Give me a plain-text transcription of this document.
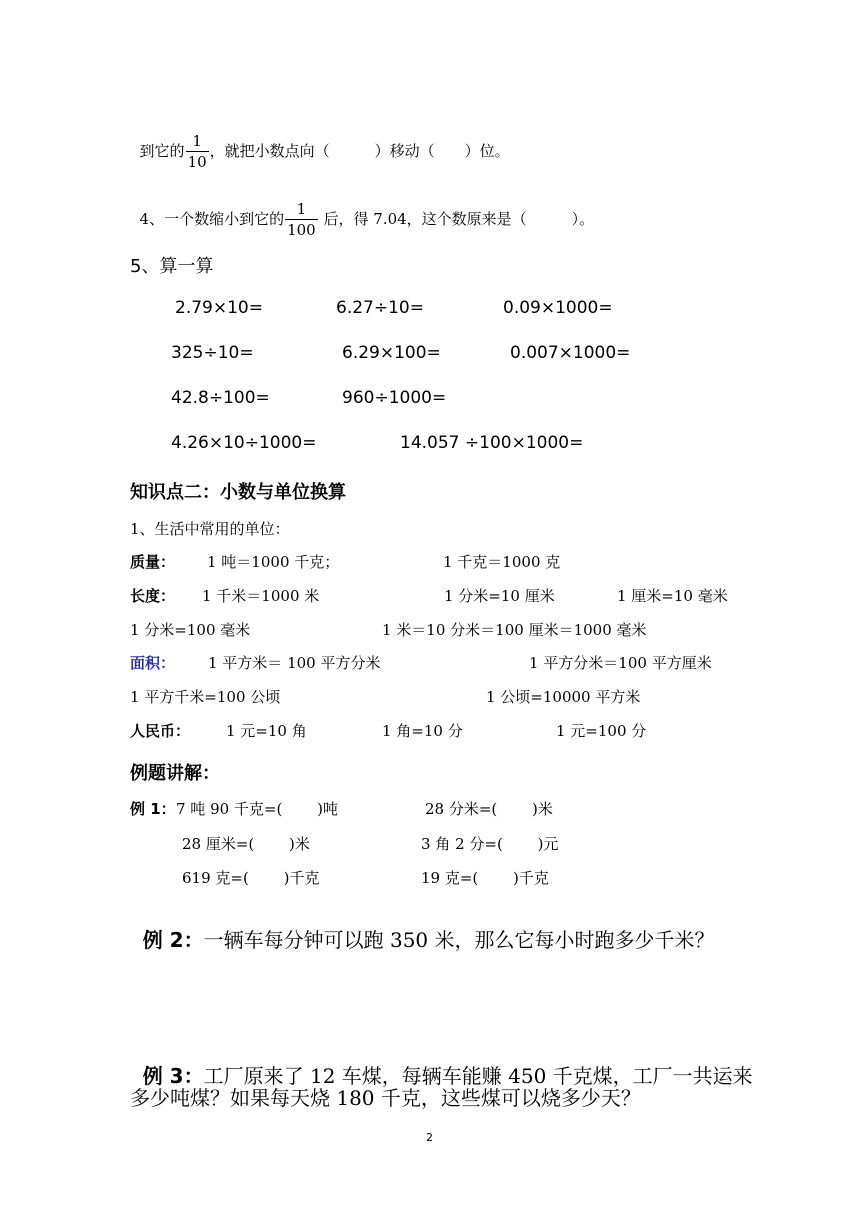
到它的 $\frac{1}{10}$ ，就把小数点向（　　　）移动（　　）位。

4、一个数缩小到它的 $\frac{1}{100}$ 后，得 7.04，这个数原来是（　　　）。

5、算一算
2.79×10=	6.27÷10=	0.09×1000=
325÷10=	6.29×100=	0.007×1000=
42.8÷100=	960÷1000=
4.26×10÷1000=	14.057 ÷100×1000=
知识点二：小数与单位换算
1、生活中常用的单位：
质量： 1 吨＝1000 千克；	1 千克＝1000 克
长度： 1 千米＝1000 米	1 分米=10 厘米	1 厘米=10 毫米
1 分米=100 毫米	1 米＝10 分米＝100 厘米＝1000 毫米
面积： 1 平方米＝ 100 平方分米	1 平方分米＝100 平方厘米
1 平方千米=100 公顷	1 公顷=10000 平方米
人民币： 1 元=10 角	1 角=10 分	1 元=100 分
例题讲解：
例 1： 7 吨 90 千克=(　　 )吨	28 分米=(　　 )米
28 厘米=(　　 )米	3 角 2 分=(　　 )元
619 克=(　　 )千克	19 克=(　　 )千克

例 2：一辆车每分钟可以跑 350 米，那么它每小时跑多少千米？

例 3：工厂原来了 12 车煤，每辆车能赚 450 千克煤，工厂一共运来

多少吨煤？如果每天烧 180 千克，这些煤可以烧多少天？
2
